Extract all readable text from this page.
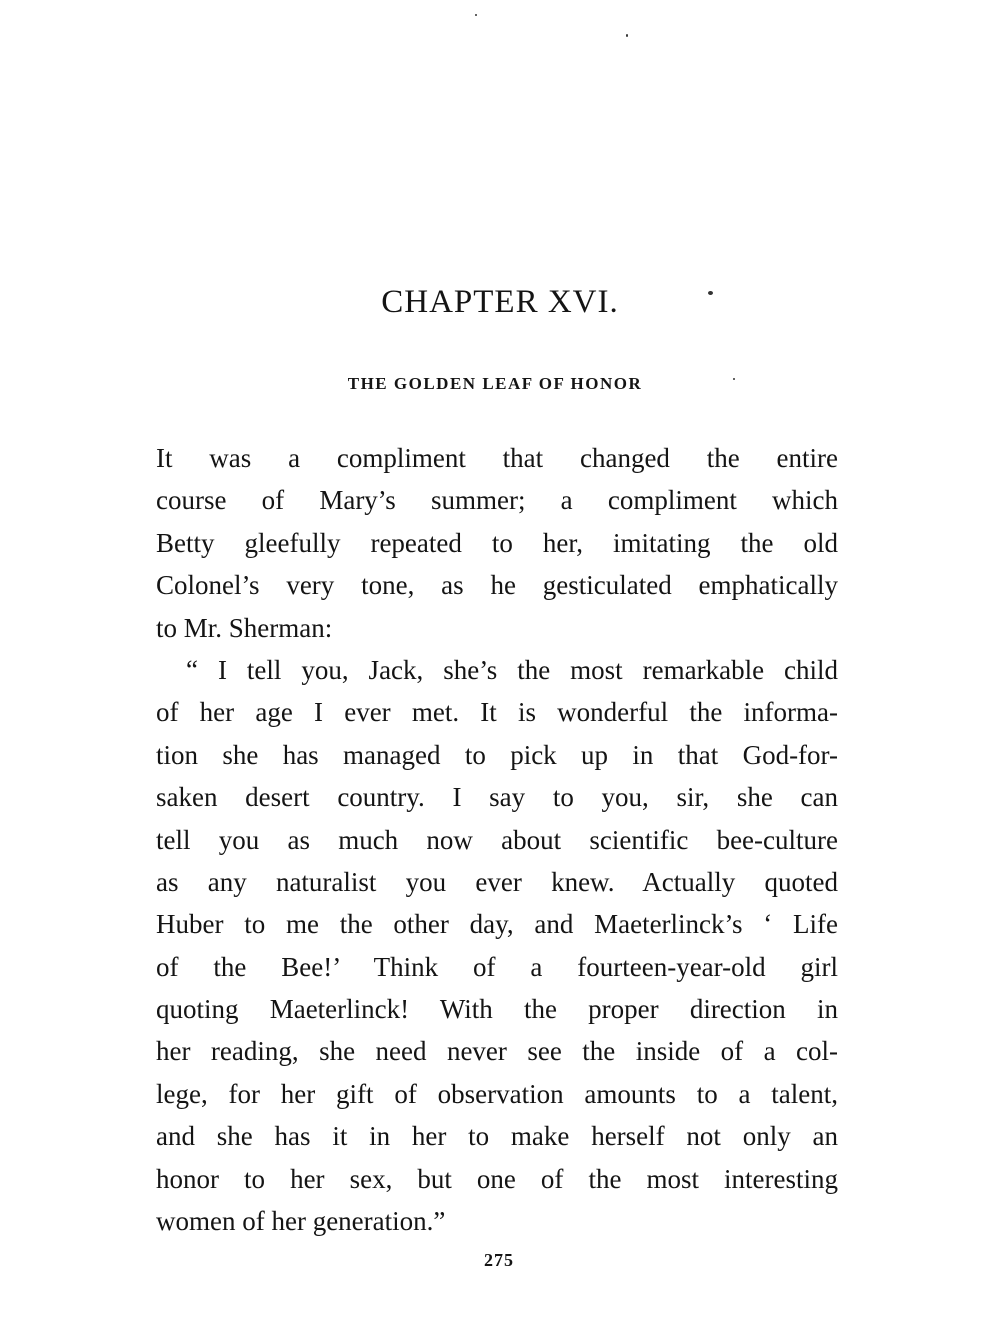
CHAPTER XVI.
THE GOLDEN LEAF OF HONOR
It was a compliment that changed the entire
course of Mary’s summer; a compliment which
Betty gleefully repeated to her, imitating the old
Colonel’s very tone, as he gesticulated emphatically
to Mr. Sherman:
“ I tell you, Jack, she’s the most remarkable child
of her age I ever met. It is wonderful the informa-
tion she has managed to pick up in that God-for-
saken desert country. I say to you, sir, she can
tell you as much now about scientific bee-culture
as any naturalist you ever knew. Actually quoted
Huber to me the other day, and Maeterlinck’s ‘ Life
of the Bee!’ Think of a fourteen-year-old girl
quoting Maeterlinck! With the proper direction in
her reading, she need never see the inside of a col-
lege, for her gift of observation amounts to a talent,
and she has it in her to make herself not only an
honor to her sex, but one of the most interesting
women of her generation.”
275
